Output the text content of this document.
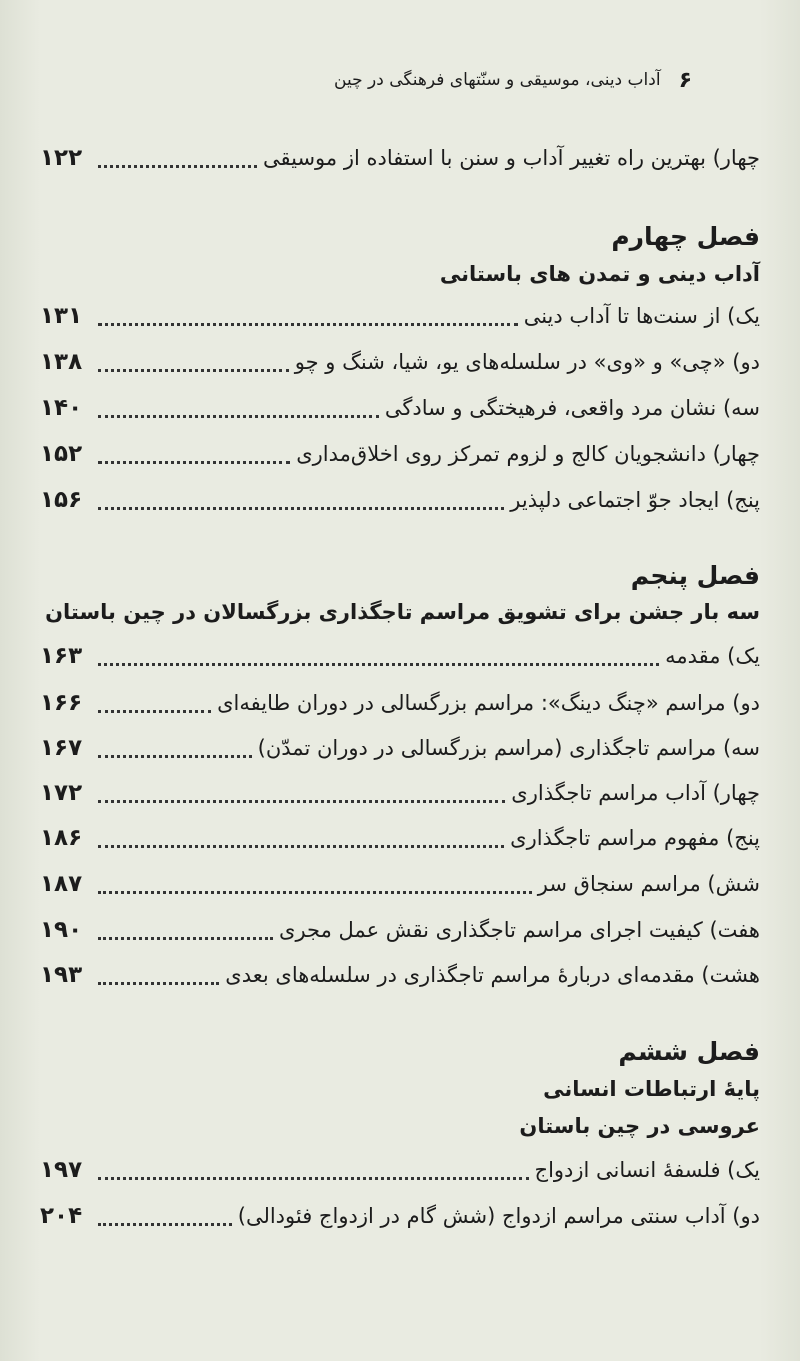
۶
آداب دینی، موسیقی و سنّتهای فرهنگی در چین
چهار) بهترین راه تغییر آداب و سنن با استفاده از موسیقی
۱۲۲
فصل چهارم
آداب دینی و تمدن های باستانی
یک) از سنت‌ها تا آداب دینی
۱۳۱
دو) «چی» و «وی» در سلسله‌های یو، شیا، شنگ و چو
۱۳۸
سه) نشان مرد واقعی، فرهیختگی و سادگی
۱۴۰
چهار) دانشجویان کالج و لزوم تمرکز روی اخلاق‌مداری
۱۵۲
پنج) ایجاد جوّ اجتماعی دلپذیر
۱۵۶
فصل پنجم
سه بار جشن برای تشویق مراسم تاجگذاری بزرگسالان در چین باستان
یک) مقدمه
۱۶۳
دو) مراسم «چنگ دینگ»: مراسم بزرگسالی در دوران طایفه‌ای
۱۶۶
سه) مراسم تاجگذاری (مراسم بزرگسالی در دوران تمدّن)
۱۶۷
چهار) آداب مراسم تاجگذاری
۱۷۲
پنج) مفهوم مراسم تاجگذاری
۱۸۶
شش) مراسم سنجاق سر
۱۸۷
هفت) کیفیت اجرای مراسم تاجگذاری نقش عمل مجری
۱۹۰
هشت) مقدمه‌ای دربارهٔ مراسم تاجگذاری در سلسله‌های بعدی
۱۹۳
فصل ششم
پایهٔ ارتباطات انسانی
عروسی در چین باستان
یک) فلسفهٔ انسانی ازدواج
۱۹۷
دو) آداب سنتی مراسم ازدواج (شش گام در ازدواج فئودالی)
۲۰۴
